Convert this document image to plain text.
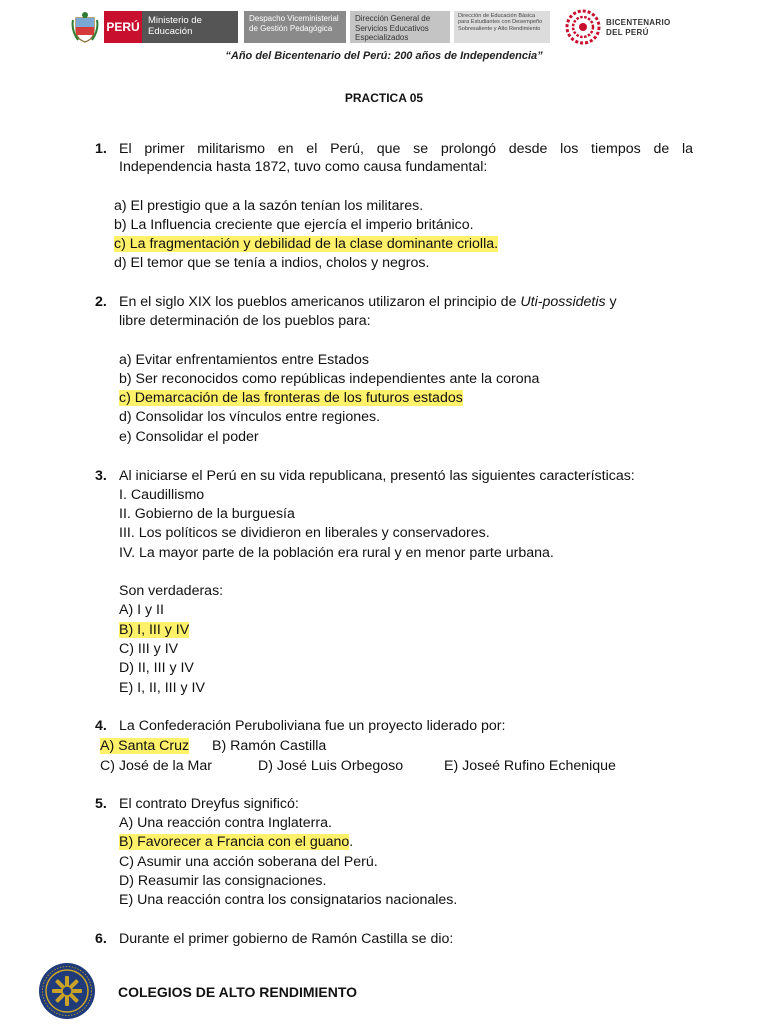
PERÚ Ministerio de Educación
Despacho Viceministerial de Gestión Pedagógica
Dirección General de Servicios Educativos Especializados
Dirección de Educación Básica para Estudiantes con Desempeño Sobresaliente y Alto Rendimiento
BICENTENARIO
DEL PERÚ
“Año del Bicentenario del Perú: 200 años de Independencia”
PRACTICA 05
1. El primer militarismo en el Perú, que se prolongó desde los tiempos de la
Independencia hasta 1872, tuvo como causa fundamental:
a) El prestigio que a la sazón tenían los militares.
b) La Influencia creciente que ejercía el imperio británico.
c) La fragmentación y debilidad de la clase dominante criolla.
d) El temor que se tenía a indios, cholos y negros.
2. En el siglo XIX los pueblos americanos utilizaron el principio de Uti-possidetis y
libre determinación de los pueblos para:
a) Evitar enfrentamientos entre Estados
b) Ser reconocidos como repúblicas independientes ante la corona
c) Demarcación de las fronteras de los futuros estados
d) Consolidar los vínculos entre regiones.
e) Consolidar el poder
3. Al iniciarse el Perú en su vida republicana, presentó las siguientes características:
I. Caudillismo
II. Gobierno de la burguesía
III. Los políticos se dividieron en liberales y conservadores.
IV. La mayor parte de la población era rural y en menor parte urbana.
Son verdaderas:
A) I y II
B) I, III y IV
C) III y IV
D) II, III y IV
E) I, II, III y IV
4. La Confederación Peruboliviana fue un proyecto liderado por:
A) Santa Cruz B) Ramón Castilla
C) José de la Mar	D) José Luis Orbegoso	E) Joseé Rufino Echenique
5. El contrato Dreyfus significó:
A) Una reacción contra Inglaterra.
B) Favorecer a Francia con el guano.
C) Asumir una acción soberana del Perú.
D) Reasumir las consignaciones.
E) Una reacción contra los consignatarios nacionales.
6. Durante el primer gobierno de Ramón Castilla se dio:
COLEGIOS DE ALTO RENDIMIENTO
